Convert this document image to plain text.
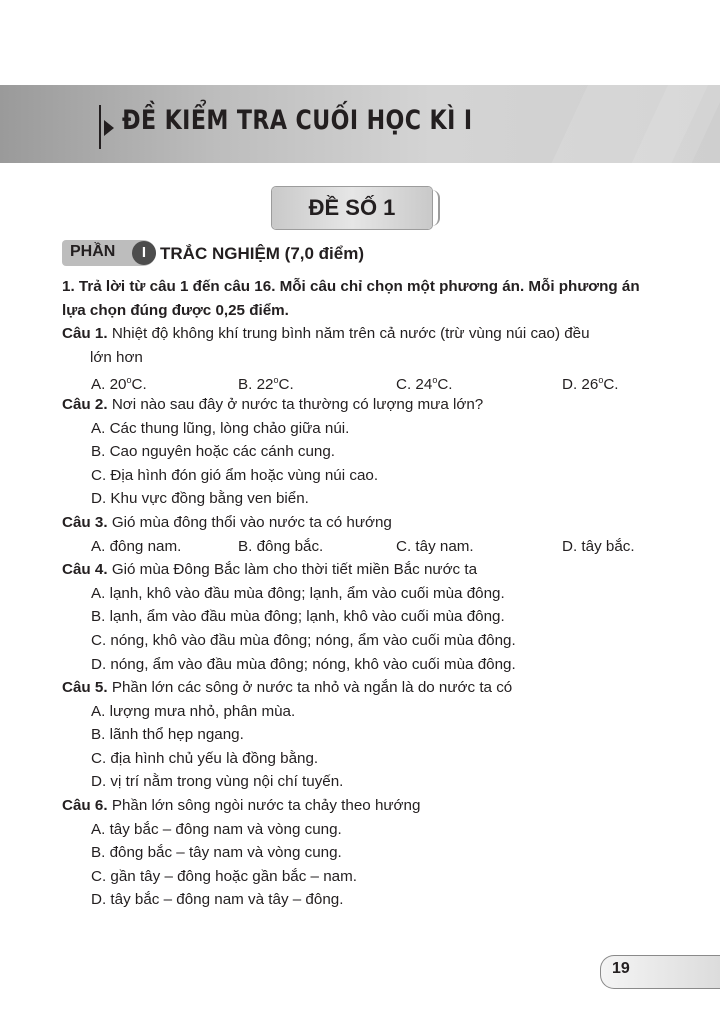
ĐỀ KIỂM TRA CUỐI HỌC KÌ I
ĐỀ SỐ 1
PHẦN	I TRẮC NGHIỆM (7,0 điểm)
1. Trả lời từ câu 1 đến câu 16. Mỗi câu chỉ chọn một phương án. Mỗi phương án lựa chọn đúng được 0,25 điểm.
Câu 1. Nhiệt độ không khí trung bình năm trên cả nước (trừ vùng núi cao) đều
lớn hơn
A. 20$^o$C.	B. 22$^o$C.	C. 24$^o$C.	D. 26$^o$C.
Câu 2. Nơi nào sau đây ở nước ta thường có lượng mưa lớn?
A. Các thung lũng, lòng chảo giữa núi.
B. Cao nguyên hoặc các cánh cung.
C. Địa hình đón gió ẩm hoặc vùng núi cao.
D. Khu vực đồng bằng ven biển.
Câu 3. Gió mùa đông thổi vào nước ta có hướng
A. đông nam.	B. đông bắc.	C. tây nam.	D. tây bắc.
Câu 4. Gió mùa Đông Bắc làm cho thời tiết miền Bắc nước ta
A. lạnh, khô vào đầu mùa đông; lạnh, ẩm vào cuối mùa đông.
B. lạnh, ẩm vào đầu mùa đông; lạnh, khô vào cuối mùa đông.
C. nóng, khô vào đầu mùa đông; nóng, ẩm vào cuối mùa đông.
D. nóng, ẩm vào đầu mùa đông; nóng, khô vào cuối mùa đông.
Câu 5. Phần lớn các sông ở nước ta nhỏ và ngắn là do nước ta có
A. lượng mưa nhỏ, phân mùa.
B. lãnh thổ hẹp ngang.
C. địa hình chủ yếu là đồng bằng.
D. vị trí nằm trong vùng nội chí tuyến.
Câu 6. Phần lớn sông ngòi nước ta chảy theo hướng
A. tây bắc – đông nam và vòng cung.
B. đông bắc – tây nam và vòng cung.
C. gần tây – đông hoặc gần bắc – nam.
D. tây bắc – đông nam và tây – đông.
19
